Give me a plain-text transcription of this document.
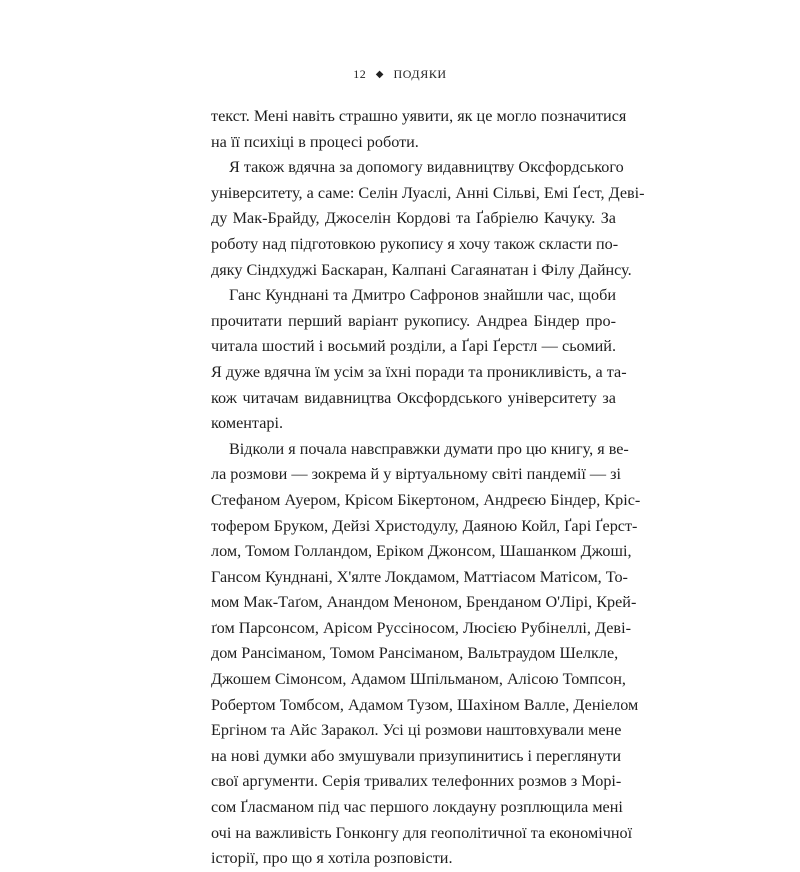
12 ◆ ПОДЯКИ
текст. Мені навіть страшно уявити, як це могло позначитися
на її психіці в процесі роботи.
Я також вдячна за допомогу видавництву Оксфордського
університету, а саме: Селін Луаслі, Анні Сільві, Емі Ґест, Деві-
ду Мак-Брайду, Джоселін Кордові та Ґабріелю Качуку. За
роботу над підготовкою рукопису я хочу також скласти по-
дяку Сіндхуджі Баскаран, Калпані Сагаянатан і Філу Дайнсу.
Ганс Кунднані та Дмитро Сафронов знайшли час, щоби
прочитати перший варіант рукопису. Андреа Біндер про-
читала шостий і восьмий розділи, а Ґарі Ґерстл — сьомий.
Я дуже вдячна їм усім за їхні поради та проникливість, а та-
кож читачам видавництва Оксфордського університету за
коментарі.
Відколи я почала навсправжки думати про цю книгу, я ве-
ла розмови — зокрема й у віртуальному світі пандемії — зі
Стефаном Ауером, Крісом Бікертоном, Андреєю Біндер, Кріс-
тофером Бруком, Дейзі Христодулу, Даяною Койл, Ґарі Ґерст-
лом, Томом Голландом, Еріком Джонсом, Шашанком Джоші,
Гансом Кунднані, Х'ялте Локдамом, Маттіасом Матісом, То-
мом Мак-Таґом, Анандом Меноном, Бренданом О'Лірі, Крей-
ґом Парсонсом, Арісом Руссіносом, Люсією Рубінеллі, Деві-
дом Рансіманом, Томом Рансіманом, Вальтраудом Шелкле,
Джошем Сімонсом, Адамом Шпільманом, Алісою Томпсон,
Робертом Томбсом, Адамом Тузом, Шахіном Валле, Деніелом
Ергіном та Айс Заракол. Усі ці розмови наштовхували мене
на нові думки або змушували призупинитись і переглянути
свої аргументи. Серія тривалих телефонних розмов з Морі-
сом Ґласманом під час першого локдауну розплющила мені
очі на важливість Гонконгу для геополітичної та економічної
історії, про що я хотіла розповісти.
